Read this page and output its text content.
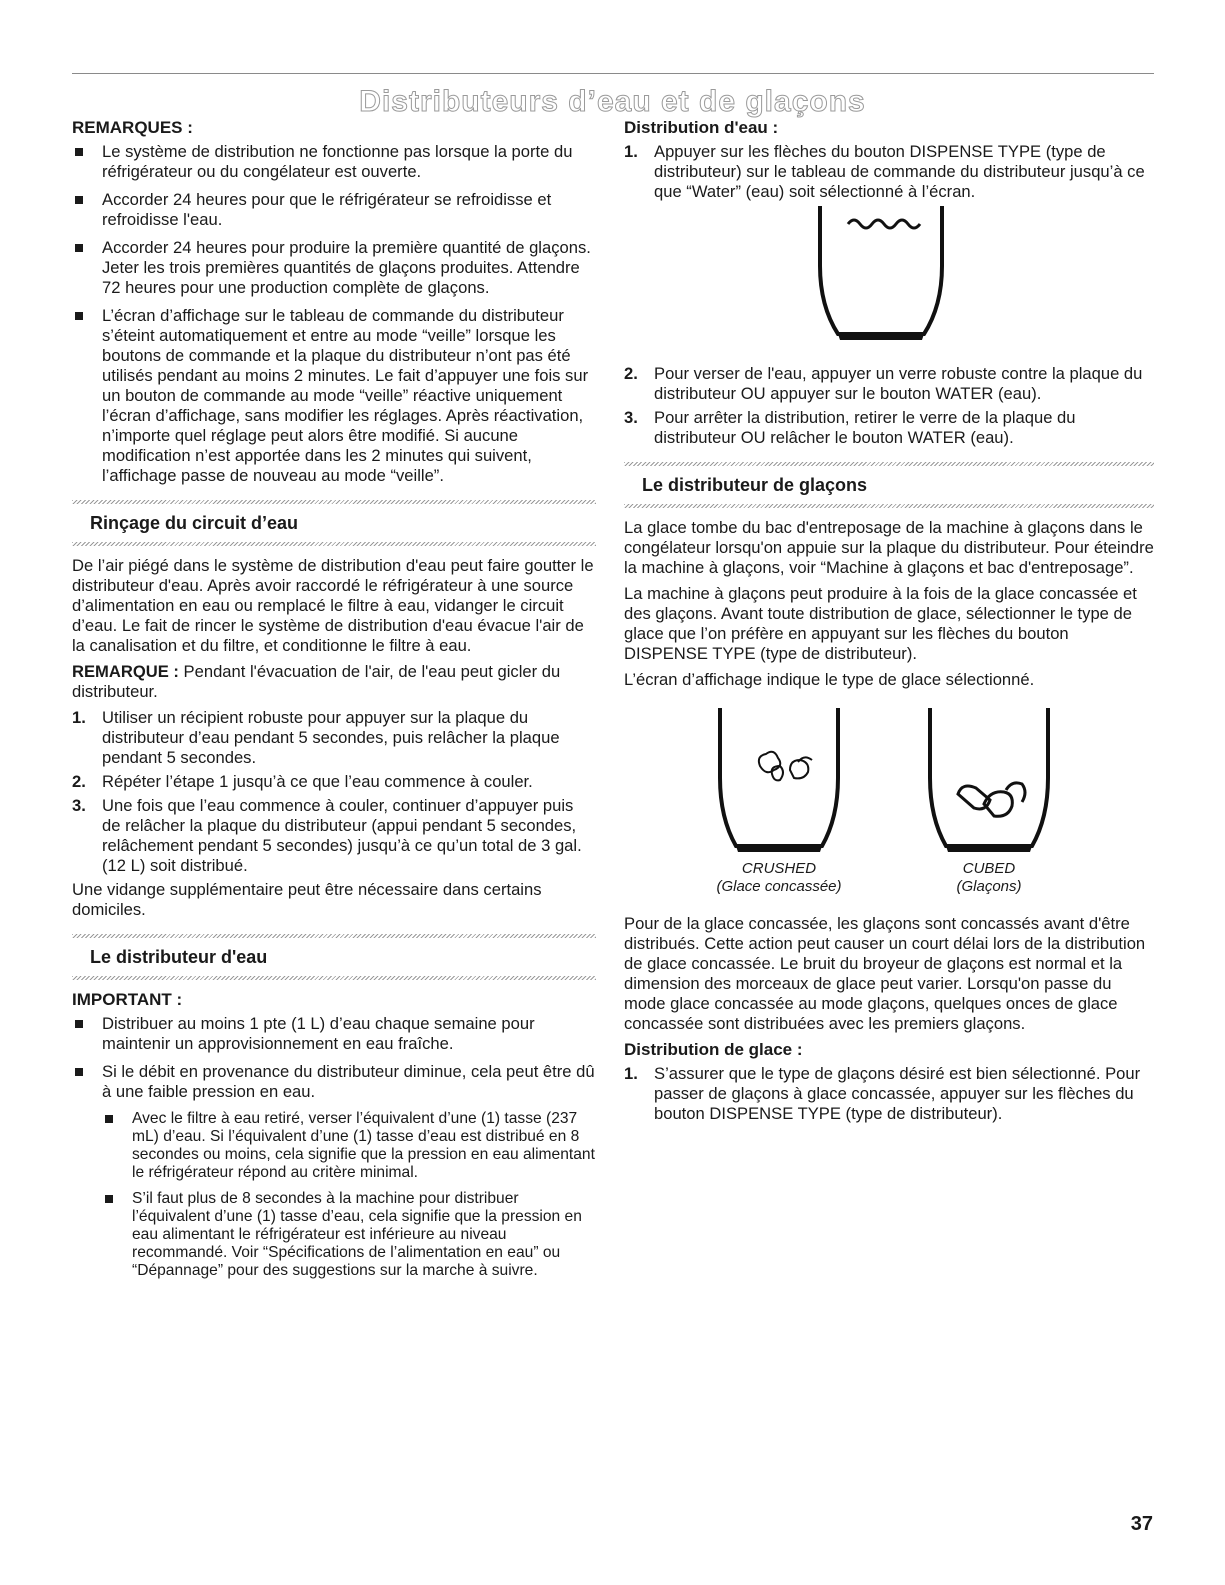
Distributeurs d’eau et de glaçons
REMARQUES :
Le système de distribution ne fonctionne pas lorsque la porte du réfrigérateur ou du congélateur est ouverte.
Accorder 24 heures pour que le réfrigérateur se refroidisse et refroidisse l'eau.
Accorder 24 heures pour produire la première quantité de glaçons. Jeter les trois premières quantités de glaçons produites. Attendre 72 heures pour une production complète de glaçons.
L’écran d’affichage sur le tableau de commande du distributeur s’éteint automatiquement et entre au mode “veille” lorsque les boutons de commande et la plaque du distributeur n’ont pas été utilisés pendant au moins 2 minutes. Le fait d’appuyer une fois sur un bouton de commande au mode “veille” réactive uniquement l’écran d’affichage, sans modifier les réglages. Après réactivation, n’importe quel réglage peut alors être modifié. Si aucune modification n’est apportée dans les 2 minutes qui suivent, l’affichage passe de nouveau au mode “veille”.
Rinçage du circuit d’eau

De l’air piégé dans le système de distribution d'eau peut faire goutter le distributeur d'eau. Après avoir raccordé le réfrigérateur à une source d’alimentation en eau ou remplacé le filtre à eau, vidanger le circuit d’eau. Le fait de rincer le système de distribution d'eau évacue l'air de la canalisation et du filtre, et conditionne le filtre à eau.

REMARQUE : Pendant l'évacuation de l'air, de l'eau peut gicler du distributeur.

1. Utiliser un récipient robuste pour appuyer sur la plaque du distributeur d’eau pendant 5 secondes, puis relâcher la plaque pendant 5 secondes.
2. Répéter l’étape 1 jusqu’à ce que l’eau commence à couler.
3. Une fois que l’eau commence à couler, continuer d’appuyer puis de relâcher la plaque du distributeur (appui pendant 5 secondes, relâchement pendant 5 secondes) jusqu’à ce qu’un total de 3 gal. (12 L) soit distribué.

Une vidange supplémentaire peut être nécessaire dans certains domiciles.

Le distributeur d'eau
IMPORTANT :
Distribuer au moins 1 pte (1 L) d’eau chaque semaine pour maintenir un approvisionnement en eau fraîche.
Si le débit en provenance du distributeur diminue, cela peut être dû à une faible pression en eau.
Avec le filtre à eau retiré, verser l’équivalent d’une (1) tasse (237 mL) d’eau. Si l’équivalent d’une (1) tasse d’eau est distribué en 8 secondes ou moins, cela signifie que la pression en eau alimentant le réfrigérateur répond au critère minimal.
S’il faut plus de 8 secondes à la machine pour distribuer l’équivalent d’une (1) tasse d’eau, cela signifie que la pression en eau alimentant le réfrigérateur est inférieure au niveau recommandé. Voir “Spécifications de l’alimentation en eau” ou “Dépannage” pour des suggestions sur la marche à suivre.
Distribution d'eau :
1. Appuyer sur les flèches du bouton DISPENSE TYPE (type de distributeur) sur le tableau de commande du distributeur jusqu’à ce que “Water” (eau) soit sélectionné à l’écran.
2. Pour verser de l'eau, appuyer un verre robuste contre la plaque du distributeur OU appuyer sur le bouton WATER (eau).
3. Pour arrêter la distribution, retirer le verre de la plaque du distributeur OU relâcher le bouton WATER (eau).
Le distributeur de glaçons

La glace tombe du bac d'entreposage de la machine à glaçons dans le congélateur lorsqu'on appuie sur la plaque du distributeur. Pour éteindre la machine à glaçons, voir “Machine à glaçons et bac d'entreposage”.

La machine à glaçons peut produire à la fois de la glace concassée et des glaçons. Avant toute distribution de glace, sélectionner le type de glace que l’on préfère en appuyant sur les flèches du bouton DISPENSE TYPE (type de distributeur).

L’écran d’affichage indique le type de glace sélectionné.

CRUSHED
(Glace concassée)
CUBED
(Glaçons)

Pour de la glace concassée, les glaçons sont concassés avant d'être distribués. Cette action peut causer un court délai lors de la distribution de glace concassée. Le bruit du broyeur de glaçons est normal et la dimension des morceaux de glace peut varier. Lorsqu'on passe du mode glace concassée au mode glaçons, quelques onces de glace concassée sont distribuées avec les premiers glaçons.

Distribution de glace :
1. S’assurer que le type de glaçons désiré est bien sélectionné. Pour passer de glaçons à glace concassée, appuyer sur les flèches du bouton DISPENSE TYPE (type de distributeur).
37
